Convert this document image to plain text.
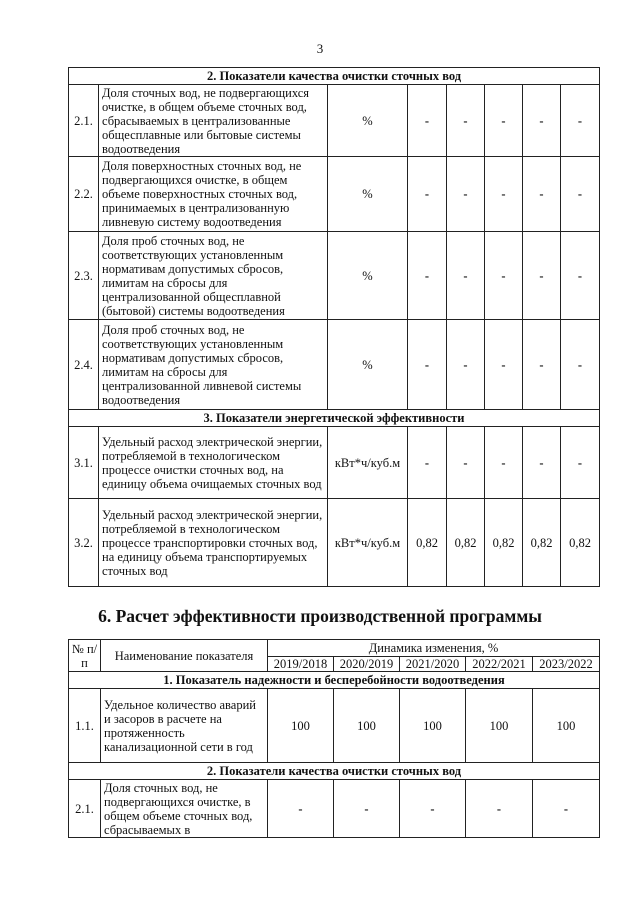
3
2. Показатели качества очистки сточных вод							
2.1.	Доля сточных вод, не подвергающихся очистке, в общем объеме сточных вод, сбрасываемых в централизованные общесплавные или бытовые системы водоотведения	%	-	-	-	-	-
2.2.	Доля поверхностных сточных вод, не подвергающихся очистке, в общем объеме поверхностных сточных вод, принимаемых в централизованную ливневую систему водоотведения	%	-	-	-	-	-
2.3.	Доля проб сточных вод, не соответствующих установленным нормативам допустимых сбросов, лимитам на сбросы для централизованной общесплавной (бытовой) системы водоотведения	%	-	-	-	-	-
2.4.	Доля проб сточных вод, не соответствующих установленным нормативам допустимых сбросов, лимитам на сбросы для централизованной ливневой системы водоотведения	%	-	-	-	-	-
3. Показатели энергетической эффективности							
3.1.	Удельный расход электрической энергии, потребляемой в технологическом процессе очистки сточных вод, на единицу объема очищаемых сточных вод	кВт*ч/куб.м	-	-	-	-	-
3.2.	Удельный расход электрической энергии, потребляемой в технологическом процессе транспортировки сточных вод, на единицу объема транспортируемых сточных вод	кВт*ч/куб.м	0,82	0,82	0,82	0,82	0,82
6. Расчет эффективности производственной программы
№ п/п	Наименование показателя	Динамика изменения, %				
		2019/2018	2020/2019	2021/2020	2022/2021	2023/2022
1. Показатель надежности и бесперебойности водоотведения						
1.1.	Удельное количество аварий и засоров в расчете на протяженность канализационной сети в год	100	100	100	100	100
2. Показатели качества очистки сточных вод						
2.1.	Доля сточных вод, не подвергающихся очистке, в общем объеме сточных вод, сбрасываемых в	-	-	-	-	-
